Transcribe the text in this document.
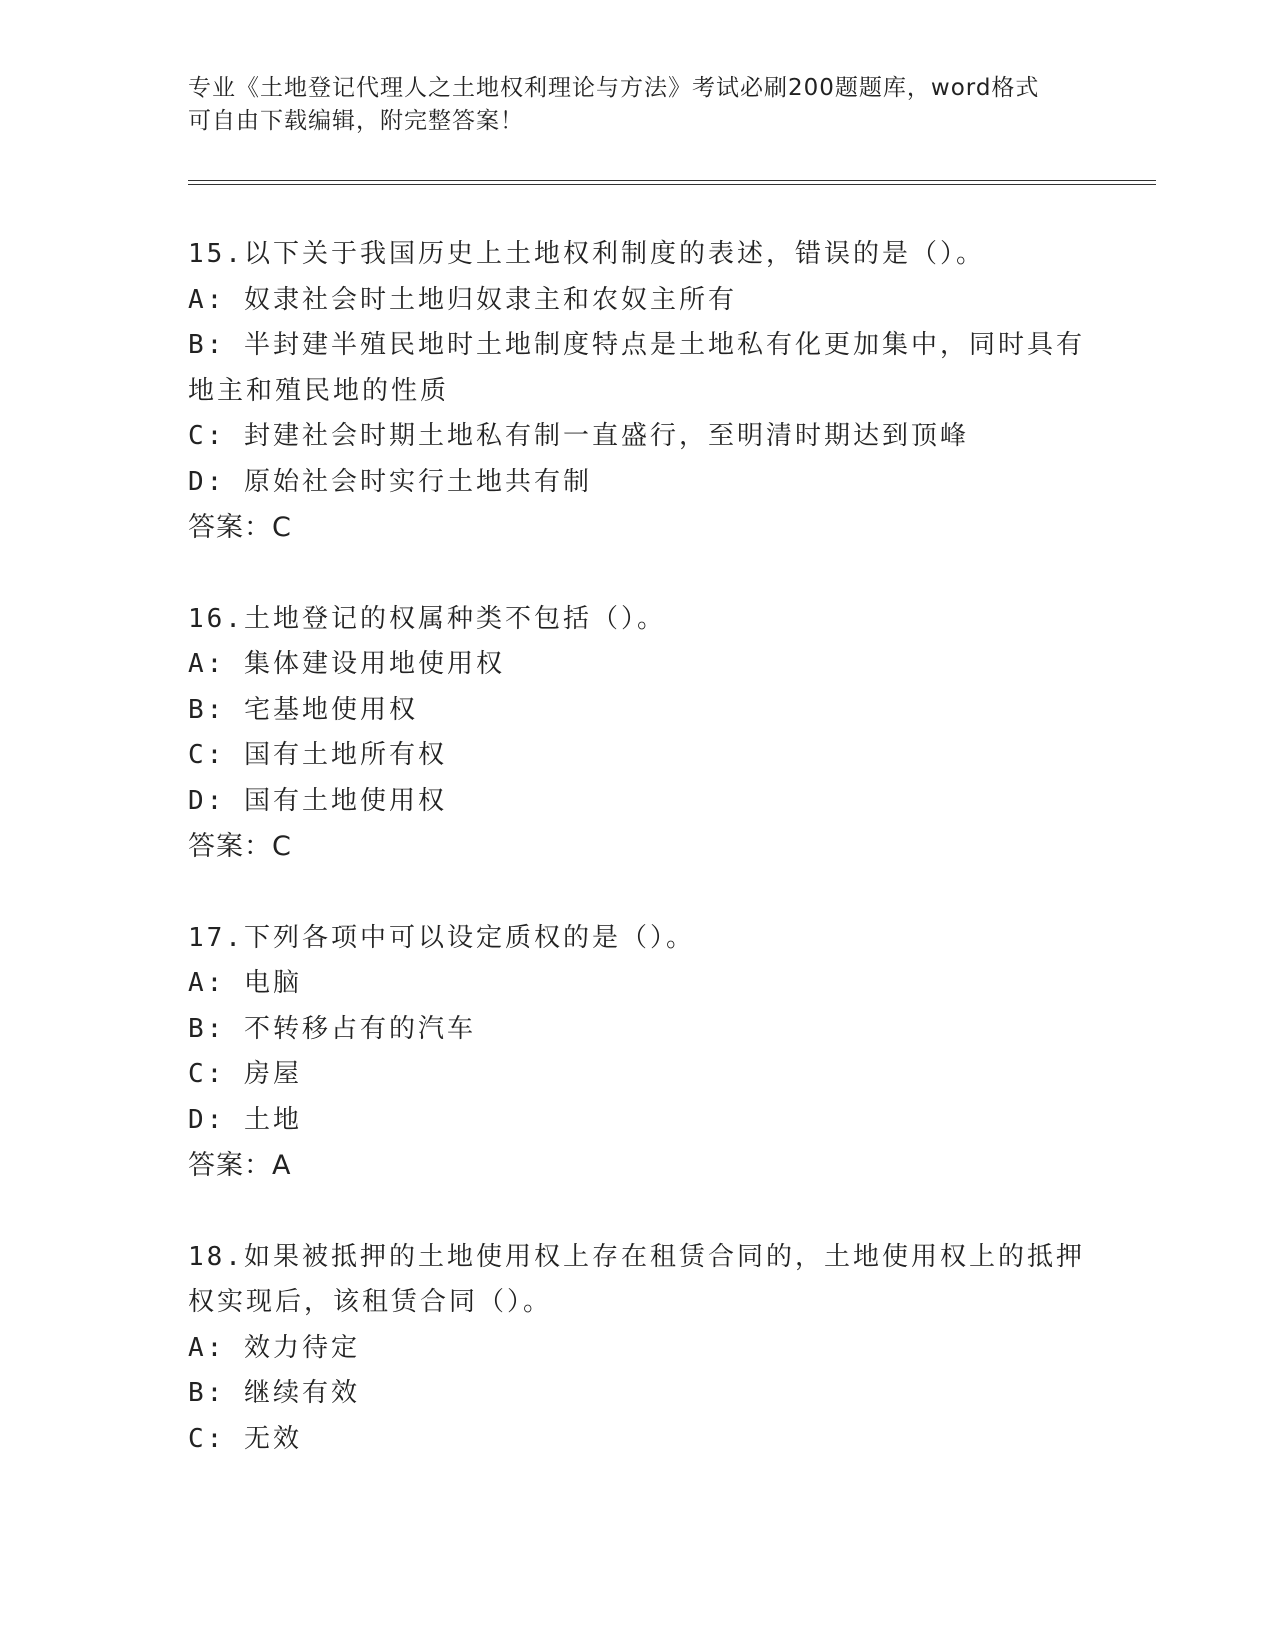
专业《土地登记代理人之土地权利理论与方法》考试必刷200题题库，word格式
可自由下载编辑，附完整答案！
15.以下关于我国历史上土地权利制度的表述，错误的是（）。
A: 奴隶社会时土地归奴隶主和农奴主所有
B: 半封建半殖民地时土地制度特点是土地私有化更加集中，同时具有地主和殖民地的性质
C: 封建社会时期土地私有制一直盛行，至明清时期达到顶峰
D: 原始社会时实行土地共有制
答案：C
16.土地登记的权属种类不包括（）。
A: 集体建设用地使用权
B: 宅基地使用权
C: 国有土地所有权
D: 国有土地使用权
答案：C
17.下列各项中可以设定质权的是（）。
A: 电脑
B: 不转移占有的汽车
C: 房屋
D: 土地
答案：A
18.如果被抵押的土地使用权上存在租赁合同的，土地使用权上的抵押权实现后，该租赁合同（）。
A: 效力待定
B: 继续有效
C: 无效
